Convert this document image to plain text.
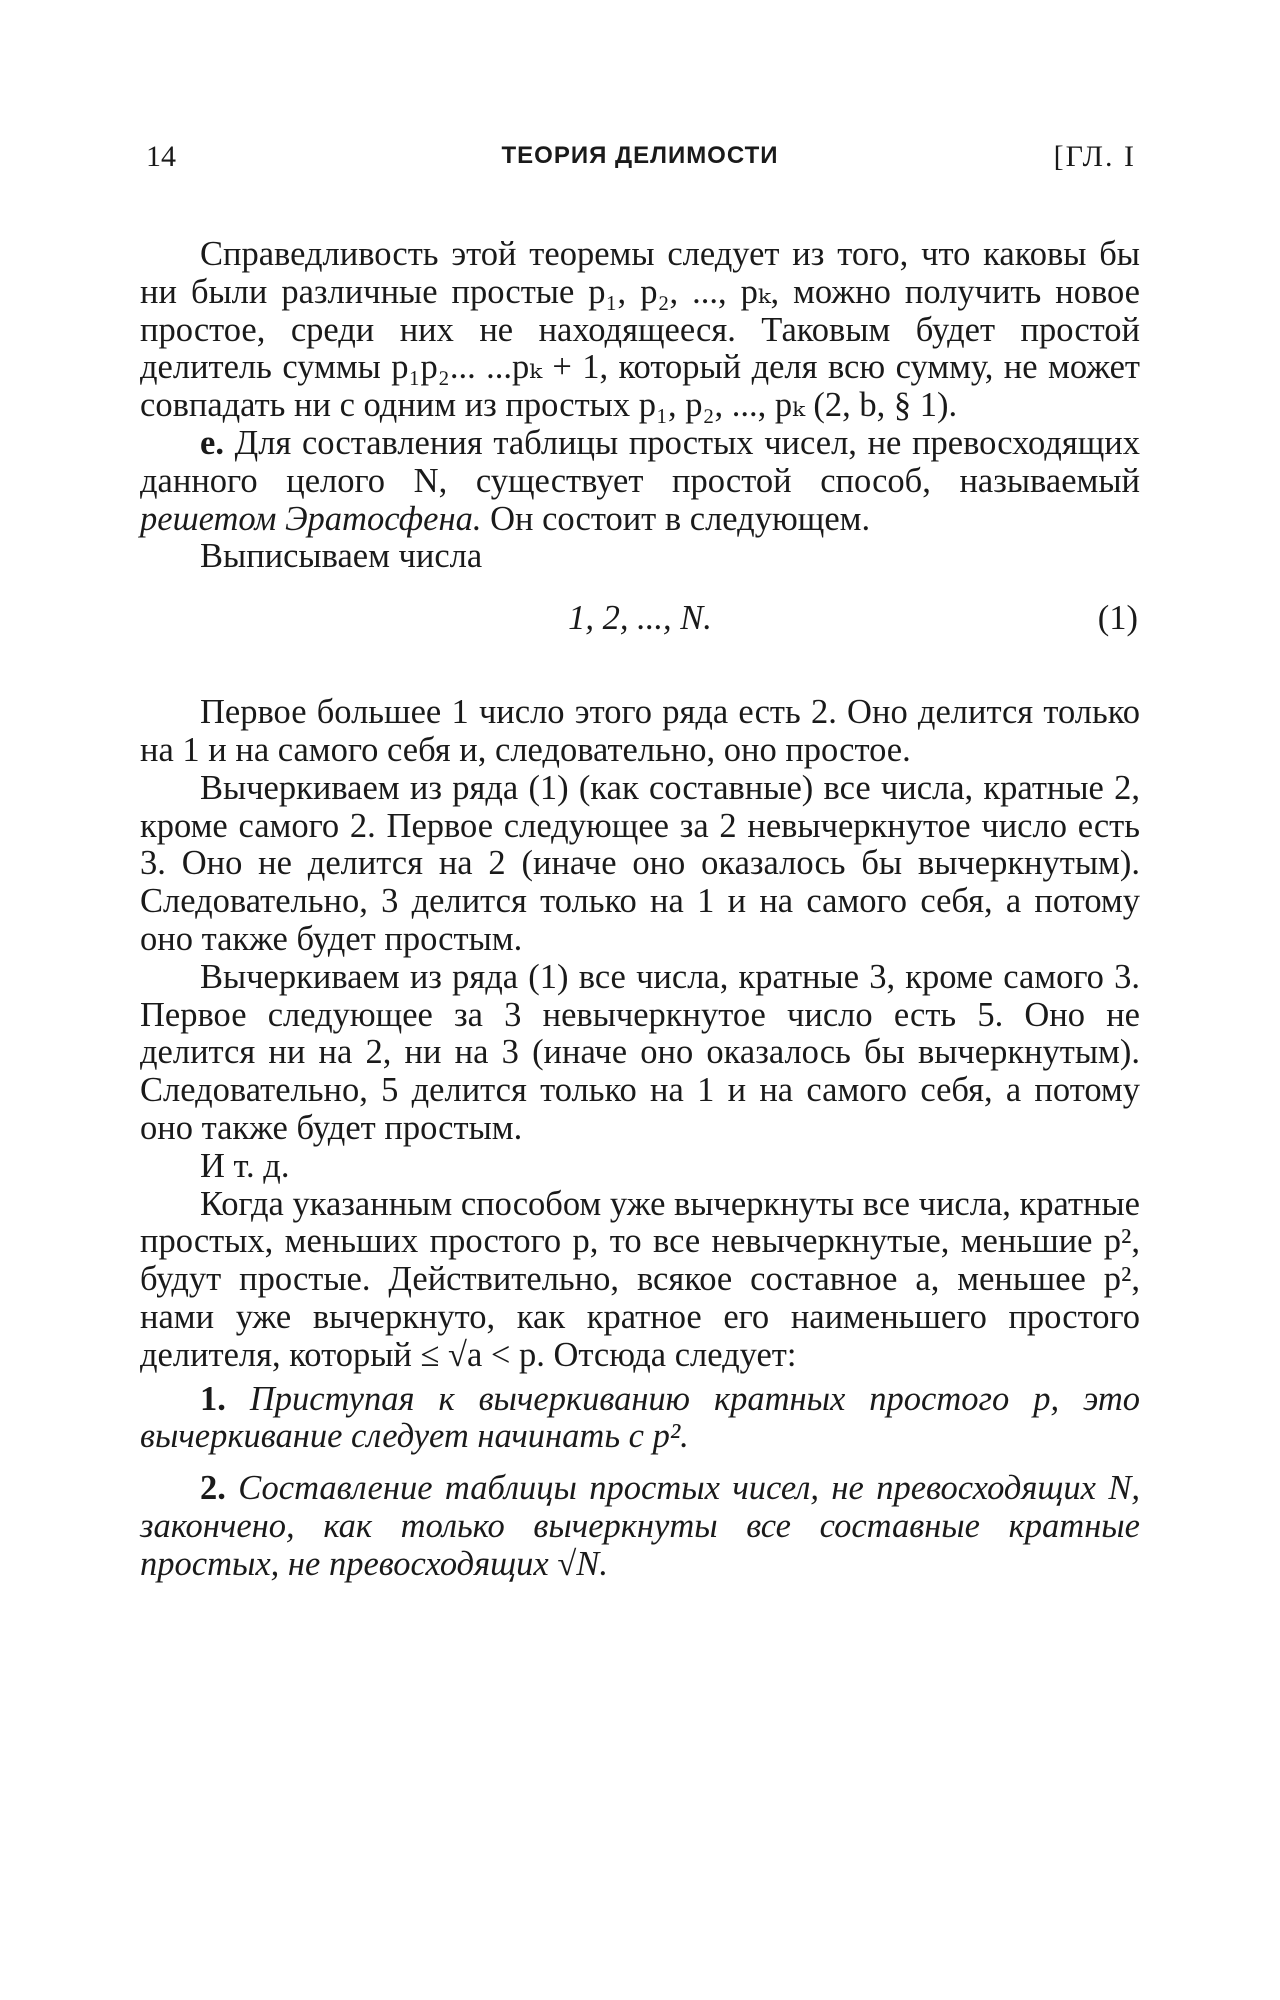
14	ТЕОРИЯ ДЕЛИМОСТИ	[ГЛ. I

Справедливость этой теоремы следует из того, что каковы бы ни были различные простые p₁, p₂, ..., pₖ, можно получить новое простое, среди них не находящееся. Таковым будет простой делитель суммы p₁p₂... ...pₖ + 1, который деля всю сумму, не может совпадать ни с одним из простых p₁, p₂, ..., pₖ (2, b, § 1).

e. Для составления таблицы простых чисел, не превосходящих данного целого N, существует простой способ, называемый решетом Эратосфена. Он состоит в следующем.

Выписываем числа

1, 2, ..., N.	(1)

Первое большее 1 число этого ряда есть 2. Оно делится только на 1 и на самого себя и, следовательно, оно простое.

Вычеркиваем из ряда (1) (как составные) все числа, кратные 2, кроме самого 2. Первое следующее за 2 невычеркнутое число есть 3. Оно не делится на 2 (иначе оно оказалось бы вычеркнутым). Следовательно, 3 делится только на 1 и на самого себя, а потому оно также будет простым.

Вычеркиваем из ряда (1) все числа, кратные 3, кроме самого 3. Первое следующее за 3 невычеркнутое число есть 5. Оно не делится ни на 2, ни на 3 (иначе оно оказалось бы вычеркнутым). Следовательно, 5 делится только на 1 и на самого себя, а потому оно также будет простым.

И т. д.

Когда указанным способом уже вычеркнуты все числа, кратные простых, меньших простого p, то все невычеркнутые, меньшие p², будут простые. Действительно, всякое составное a, меньшее p², нами уже вычеркнуто, как кратное его наименьшего простого делителя, который ≤ √a < p. Отсюда следует:

1. Приступая к вычеркиванию кратных простого p, это вычеркивание следует начинать с p².

2. Составление таблицы простых чисел, не превосходящих N, закончено, как только вычеркнуты все составные кратные простых, не превосходящих √N.
